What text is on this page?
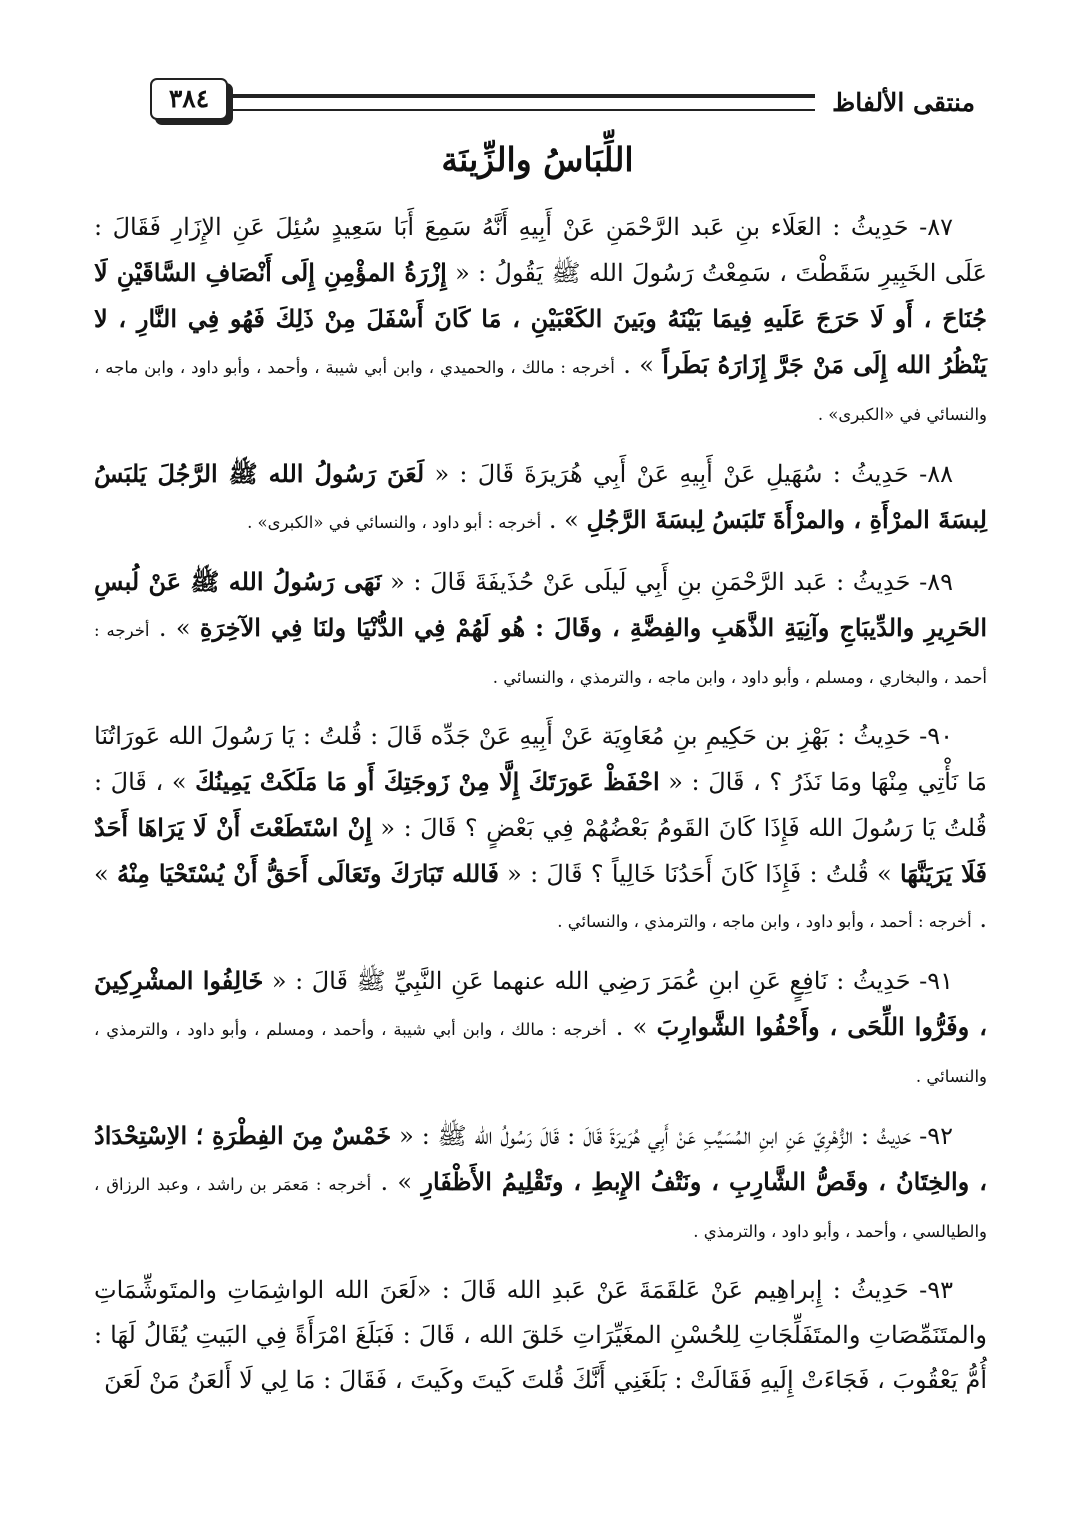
منتقى الألفاظ
٣٨٤
اللِّبَاسُ والزِّينَة

٨٧- حَدِيثُ : العَلَاء بنِ عَبد الرَّحْمَنِ عَنْ أَبِيهِ أَنَّهُ سَمِعَ أَبَا سَعِيدٍ سُئِلَ عَنِ الإِزَارِ فَقَالَ : عَلَى الخَبِيرِ سَقَطْتَ ، سَمِعْتُ رَسُولَ الله ﷺ يَقُولُ : « إِزْرَةُ المؤْمِنِ إِلَى أَنْصَافِ السَّاقَيْنِ لَا جُنَاحَ ، أَو لَا حَرَجَ عَلَيهِ فِيمَا بَيْنَهُ وبَينَ الكَعْبَيْنِ ، مَا كَانَ أَسْفَلَ مِنْ ذَلِكَ فَهُو فِي النَّارِ ، لا يَنْظُرُ الله إِلَى مَنْ جَرَّ إِزَارَهُ بَطَراً » . أخرجه : مالك ، والحميدي ، وابن أبي شيبة ، وأحمد ، وأبو داود ، وابن ماجه ، والنسائي في «الكبرى» .

٨٨- حَدِيثُ : سُهَيلِ عَنْ أَبِيهِ عَنْ أَبِي هُرَيرَةَ قَالَ : « لَعَنَ رَسُولُ الله ﷺ الرَّجُلَ يَلبَسُ لِبسَةَ المرْأَةِ ، والمرْأَةَ تَلبَسُ لِبسَةَ الرَّجُلِ » . أخرجه : أبو داود ، والنسائي في «الكبرى» .

٨٩- حَدِيثُ : عَبد الرَّحْمَنِ بنِ أَبِي لَيلَى عَنْ حُذَيفَةَ قَالَ : « نَهَى رَسُولُ الله ﷺ عَنْ لُبسِ الحَرِيرِ والدِّيبَاجِ وآنِيَةِ الذَّهَبِ والفِضَّةِ ، وقَالَ : هُو لَهُمْ فِي الدُّنْيَا ولنَا فِي الآخِرَةِ » . أخرجه : أحمد ، والبخاري ، ومسلم ، وأبو داود ، وابن ماجه ، والترمذي ، والنسائي .

٩٠- حَدِيثُ : بَهْزِ بن حَكِيمِ بنِ مُعَاوِيَة عَنْ أَبِيهِ عَنْ جَدِّه قَالَ : قُلتُ : يَا رَسُولَ الله عَورَاتُنَا مَا نَأْتِي مِنْهَا ومَا نَذَرُ ؟ ، قَالَ : « احْفَظْ عَورَتَكَ إِلَّا مِنْ زَوجَتِكَ أَو مَا مَلَكَتْ يَمِينُكَ » ، قَالَ : قُلتُ يَا رَسُولَ الله فَإِذَا كَانَ القَومُ بَعْضُهُمْ فِي بَعْضٍ ؟ قَالَ : « إِنْ اسْتَطَعْتَ أَنْ لَا يَرَاهَا أَحَدٌ فَلَا يَرَيَنَّهَا » قُلتُ : فَإِذَا كَانَ أَحَدُنَا خَالِياً ؟ قَالَ : « فَالله تَبَارَكَ وتَعَالَى أَحَقُّ أَنْ يُسْتَحْيَا مِنْهُ » . أخرجه : أحمد ، وأبو داود ، وابن ماجه ، والترمذي ، والنسائي .

٩١- حَدِيثُ : نَافِعٍ عَنِ ابنِ عُمَرَ رَضِي الله عنهما عَنِ النَّبِيِّ ﷺ قَالَ : « خَالِفُوا المشْرِكِينَ ، وفَرُّوا اللِّحَى ، وأَحْفُوا الشَّوارِبَ » . أخرجه : مالك ، وابن أبي شيبة ، وأحمد ، ومسلم ، وأبو داود ، والترمذي ، والنسائي .

٩٢- حَدِيثُ : الزُّهْرِيّ عَنِ ابنِ المُسَيِّبِ عَنْ أَبِي هُرَيرَةَ قَالَ : قَالَ رَسُولُ الله ﷺ : « خَمْسٌ مِنَ الفِطْرَةِ ؛ الاِسْتِحْدَادُ ، والخِتَانُ ، وقَصُّ الشَّارِبِ ، ونَتْفُ الإِبطِ ، وتَقْلِيمُ الأَظْفَارِ » . أخرجه : مَعمَر بن راشد ، وعبد الرزاق ، والطيالسي ، وأحمد ، وأبو داود ، والترمذي .

٩٣- حَدِيثُ : إِبراهِيم عَنْ عَلقَمَةَ عَنْ عَبدِ الله قَالَ : «لَعَنَ الله الواشِمَاتِ والمتَوشِّمَاتِ والمتَنَمِّصَاتِ والمتَفَلِّجَاتِ لِلحُسْنِ المغَيِّرَاتِ خَلقَ الله ، قَالَ : فَبَلَغَ امْرَأَةً فِي البَيتِ يُقَالُ لَهَا : أُمُّ يَعْقُوبَ ، فَجَاءَتْ إِلَيهِ فَقَالَتْ : بَلَغَنِي أَنَّكَ قُلتَ كَيتَ وكَيتَ ، فَقَالَ : مَا لِي لَا أَلعَنُ مَنْ لَعَنَ
